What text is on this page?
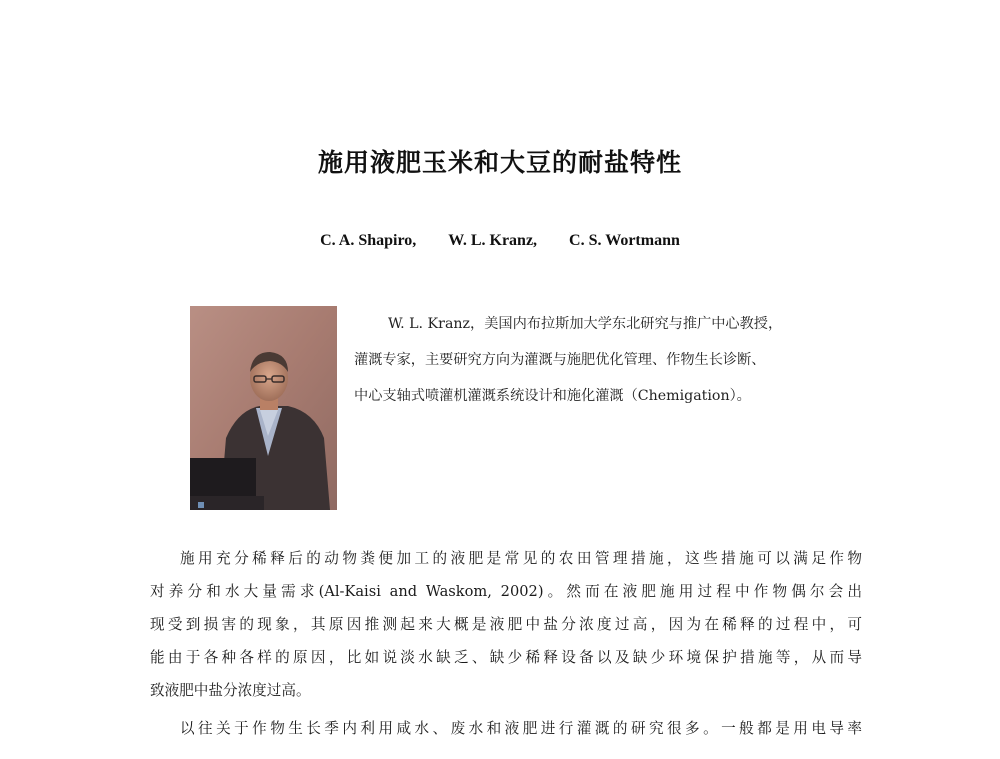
施用液肥玉米和大豆的耐盐特性
C. A. Shapiro, W. L. Kranz, C. S. Wortmann
W. L. Kranz，美国内布拉斯加大学东北研究与推广中心教授，
灌溉专家，主要研究方向为灌溉与施肥优化管理、作物生长诊断、
中心支轴式喷灌机灌溉系统设计和施化灌溉（Chemigation）。
施用充分稀释后的动物粪便加工的液肥是常见的农田管理措施，这些措施可以满足作物
对养分和水大量需求(Al-Kaisi and Waskom, 2002)。然而在液肥施用过程中作物偶尔会出
现受到损害的现象，其原因推测起来大概是液肥中盐分浓度过高，因为在稀释的过程中，可
能由于各种各样的原因，比如说淡水缺乏、缺少稀释设备以及缺少环境保护措施等，从而导
致液肥中盐分浓度过高。
以往关于作物生长季内利用咸水、废水和液肥进行灌溉的研究很多。一般都是用电导率
